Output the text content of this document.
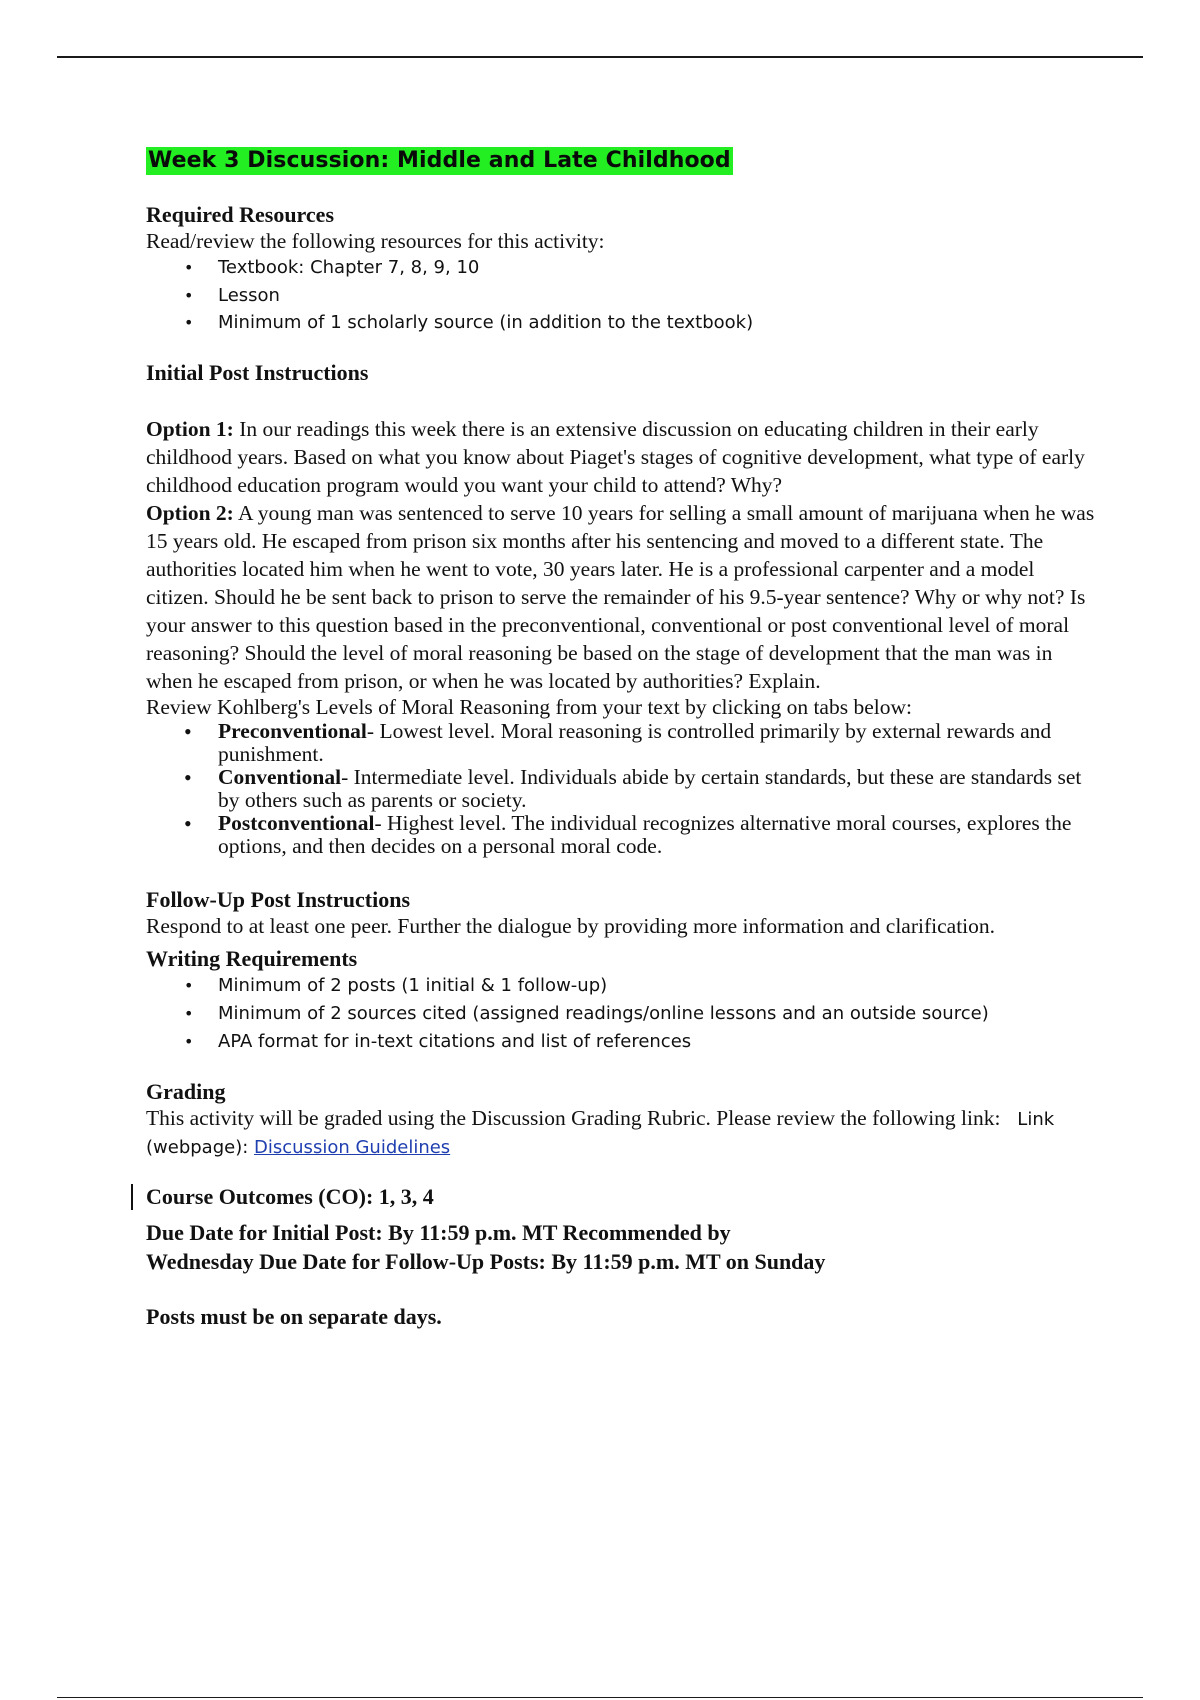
Week 3 Discussion: Middle and Late Childhood
Required Resources

Read/review the following resources for this activity:

• Textbook: Chapter 7, 8, 9, 10
• Lesson
• Minimum of 1 scholarly source (in addition to the textbook)
Initial Post Instructions

Option 1: In our readings this week there is an extensive discussion on educating children in their early childhood years. Based on what you know about Piaget's stages of cognitive development, what type of early childhood education program would you want your child to attend? Why?

Option 2: A young man was sentenced to serve 10 years for selling a small amount of marijuana when he was 15 years old. He escaped from prison six months after his sentencing and moved to a different state. The authorities located him when he went to vote, 30 years later. He is a professional carpenter and a model citizen. Should he be sent back to prison to serve the remainder of his 9.5-year sentence? Why or why not? Is your answer to this question based in the preconventional, conventional or post conventional level of moral reasoning? Should the level of moral reasoning be based on the stage of development that the man was in when he escaped from prison, or when he was located by authorities? Explain.

Review Kohlberg's Levels of Moral Reasoning from your text by clicking on tabs below:

• Preconventional- Lowest level. Moral reasoning is controlled primarily by external rewards and punishment.
• Conventional- Intermediate level. Individuals abide by certain standards, but these are standards set by others such as parents or society.
• Postconventional- Highest level. The individual recognizes alternative moral courses, explores the options, and then decides on a personal moral code.
Follow-Up Post Instructions

Respond to at least one peer. Further the dialogue by providing more information and clarification.

Writing Requirements
• Minimum of 2 posts (1 initial & 1 follow-up)
• Minimum of 2 sources cited (assigned readings/online lessons and an outside source)
• APA format for in-text citations and list of references
Grading

This activity will be graded using the Discussion Grading Rubric. Please review the following link: Link (webpage): Discussion Guidelines

Course Outcomes (CO): 1, 3, 4
Due Date for Initial Post: By 11:59 p.m. MT Recommended by
Wednesday Due Date for Follow-Up Posts: By 11:59 p.m. MT on Sunday
Posts must be on separate days.
